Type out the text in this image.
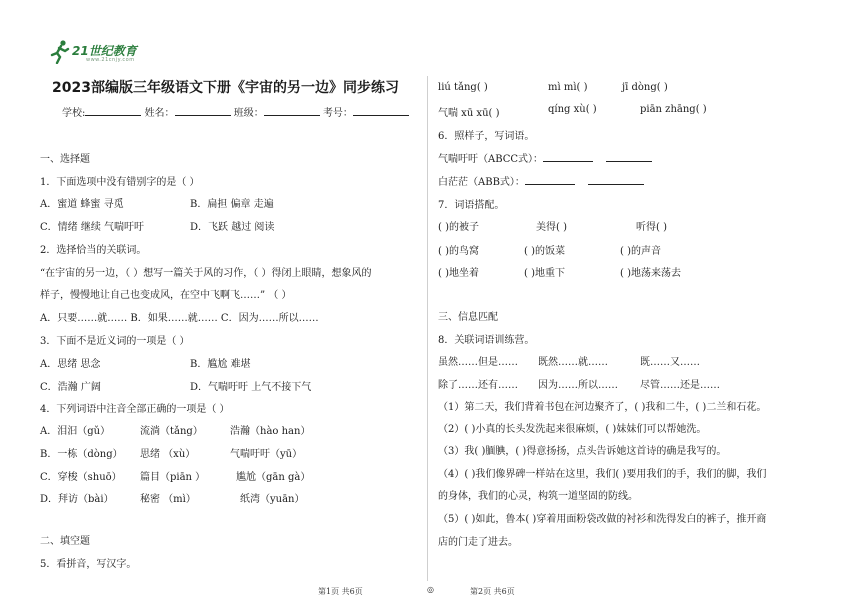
21世纪教育
www.21cnjy.com
2023部编版三年级语文下册《宇宙的另一边》同步练习
学校:	姓名：	班级：	考号：
一、选择题
1．下面选项中没有错别字的是（ ）
A．蜜道 蜂蜜 寻觅	B．扁担 偏章 走遍
C．情绪 继续 气喘吁吁	D．飞跃 越过 阅读
2．选择恰当的关联词。
“在宇宙的另一边，（ ）想写一篇关于风的习作，（ ）得闭上眼睛，想象风的
样子，慢慢地让自己也变成风，在空中飞啊飞……” （ ）
A．只要……就…… B．如果……就…… C．因为……所以……
3．下面不是近义词的一项是（ ）
A．思绪 思念	B．尴尬 难堪
C．浩瀚 广阔	D．气喘吁吁 上气不接下气
4．下列词语中注音全部正确的一项是（ ）
A．泪汩（gǔ）	流淌（tǎng）	浩瀚（hào han）
B．一栋（dòng） 思绪 （xù）	气喘吁吁（yū）
C．穿梭（shuō） 篇目（piān ）	尴尬（gān gà）
D．拜访（bài）	秘密 （mì）	纸湾（yuān）
二、填空题
5．看拼音，写汉字。
liú tǎng( )	mì mì( )	jī dòng( )
气喘 xū xū( )	qíng xù( )	piān zhāng( )
6．照样子，写词语。
气喘吁吁（ABCC式）：
白茫茫（ABB式）：
7．词语搭配。
( )的被子	美得( )	听得( )
( )的鸟窝	( )的饭菜	( )的声音
( )地坐着	( )地重下	( )地荡来荡去
三、信息匹配
8．关联词语训练营。
虽然……但是…… 既然……就……	既……又……
除了……还有…… 因为……所以…… 尽管……还是……
（1）第二天，我们背着书包在河边聚齐了，( )我和二牛，( )二兰和石花。
（2）( )小真的长头发洗起来很麻烦，( )妹妹们可以帮她洗。
（3）我( )腼腆，( )得意扬扬，点头告诉她这首诗的确是我写的。
（4）( )我们像界碑一样站在这里，我们( )要用我们的手，我们的脚，我们
的身体，我们的心灵，构筑一道坚固的防线。
（5）( )如此，鲁本( )穿着用面粉袋改做的衬衫和洗得发白的裤子，推开商
店的门走了进去。
第1页 共6页	◎	第2页 共6页
